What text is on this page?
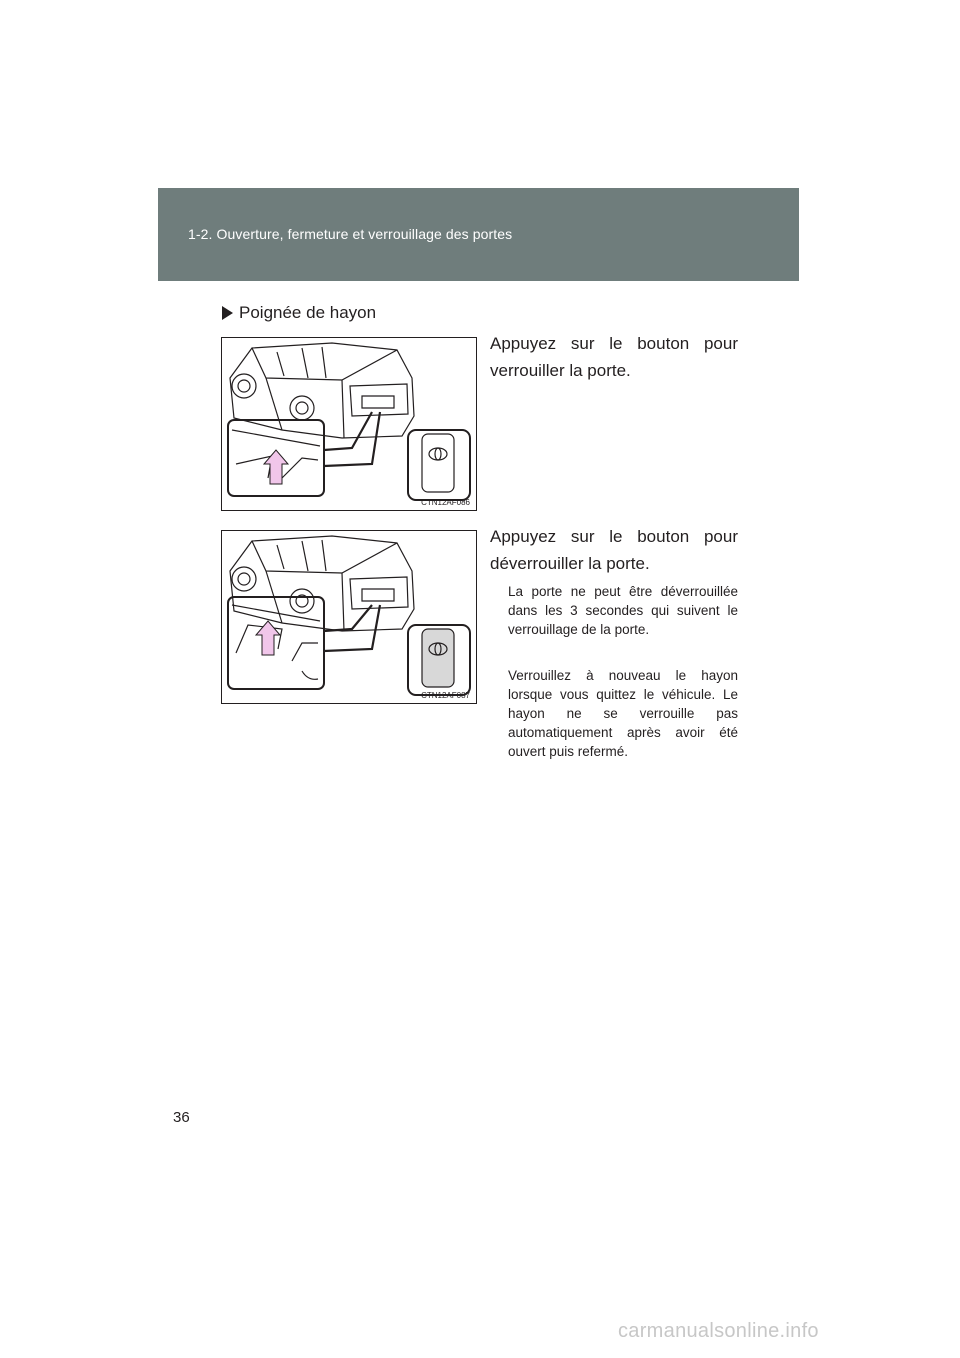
1-2. Ouverture, fermeture et verrouillage des portes
Poignée de hayon
CTN12AF086
Appuyez sur le bouton pour verrouiller la porte.
CTN12AF087
Appuyez sur le bouton pour déverrouiller la porte.
La porte ne peut être déverrouillée dans les 3 secondes qui suivent le verrouillage de la porte.
Verrouillez à nouveau le hayon lorsque vous quittez le véhicule. Le hayon ne se verrouille pas automatiquement après avoir été ouvert puis refermé.
36
carmanualsonline.info
